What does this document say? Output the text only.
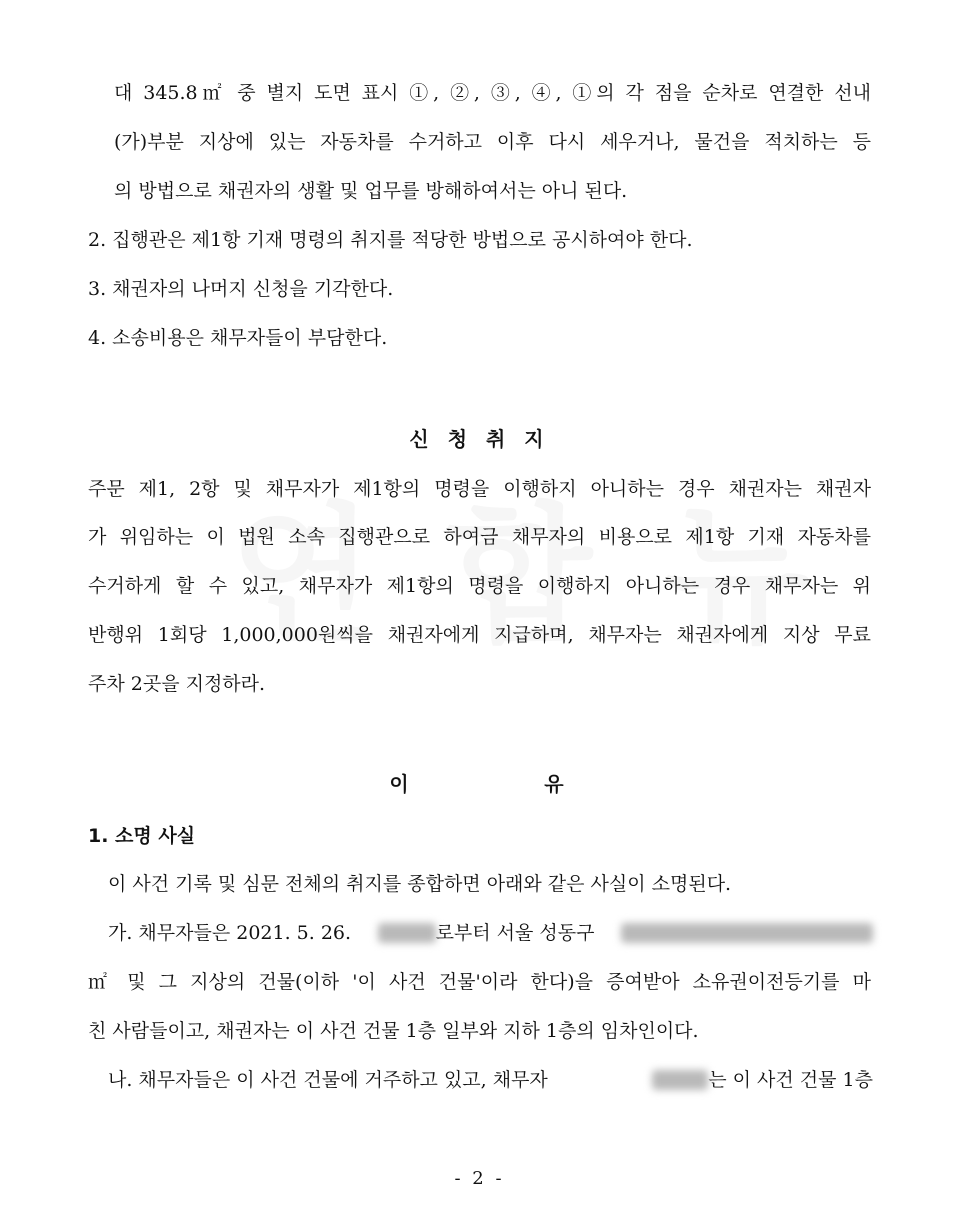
대 345.8㎡ 중 별지 도면 표시 ①, ②, ③, ④, ①의 각 점을 순차로 연결한 선내
(가)부분 지상에 있는 자동차를 수거하고 이후 다시 세우거나, 물건을 적치하는 등
의 방법으로 채권자의 생활 및 업무를 방해하여서는 아니 된다.
2. 집행관은 제1항 기재 명령의 취지를 적당한 방법으로 공시하여야 한다.
3. 채권자의 나머지 신청을 기각한다.
4. 소송비용은 채무자들이 부담한다.
신 청 취 지
주문 제1, 2항 및 채무자가 제1항의 명령을 이행하지 아니하는 경우 채권자는 채권자
가 위임하는 이 법원 소속 집행관으로 하여금 채무자의 비용으로 제1항 기재 자동차를
수거하게 할 수 있고, 채무자가 제1항의 명령을 이행하지 아니하는 경우 채무자는 위
반행위 1회당 1,000,000원씩을 채권자에게 지급하며, 채무자는 채권자에게 지상 무료
주차 2곳을 지정하라.
이          유
1. 소명 사실
이 사건 기록 및 심문 전체의 취지를 종합하면 아래와 같은 사실이 소명된다.
가. 채무자들은 2021. 5. 26.	로부터 서울 성동구
㎡ 및 그 지상의 건물(이하 '이 사건 건물'이라 한다)을 증여받아 소유권이전등기를 마
친 사람들이고, 채권자는 이 사건 건물 1층 일부와 지하 1층의 임차인이다.
나. 채무자들은 이 사건 건물에 거주하고 있고, 채무자	는 이 사건 건물 1층
- 2 -
